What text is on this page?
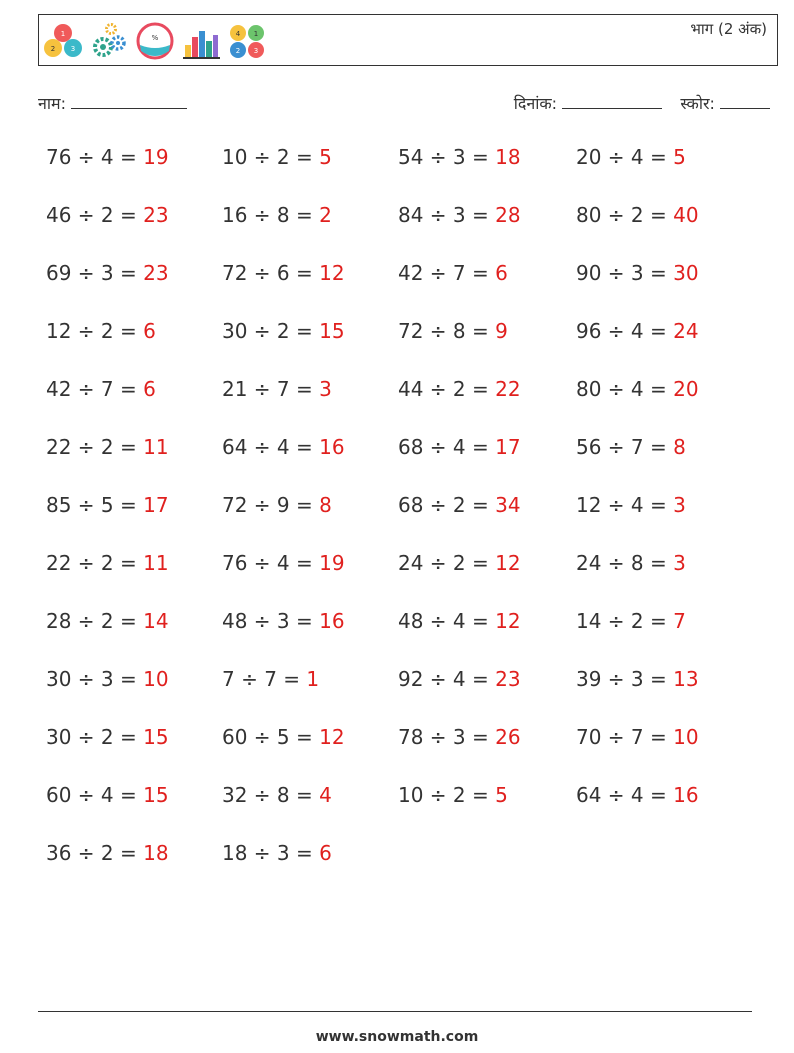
1
2 3
%	4 1
2 3
भाग (2 अंक)
नाम:	दिनांक:	स्कोर:
76 ÷ 4 = 19	10 ÷ 2 = 5	54 ÷ 3 = 18	20 ÷ 4 = 5
46 ÷ 2 = 23	16 ÷ 8 = 2	84 ÷ 3 = 28	80 ÷ 2 = 40
69 ÷ 3 = 23	72 ÷ 6 = 12	42 ÷ 7 = 6	90 ÷ 3 = 30
12 ÷ 2 = 6	30 ÷ 2 = 15	72 ÷ 8 = 9	96 ÷ 4 = 24
42 ÷ 7 = 6	21 ÷ 7 = 3	44 ÷ 2 = 22	80 ÷ 4 = 20
22 ÷ 2 = 11	64 ÷ 4 = 16	68 ÷ 4 = 17	56 ÷ 7 = 8
85 ÷ 5 = 17	72 ÷ 9 = 8	68 ÷ 2 = 34	12 ÷ 4 = 3
22 ÷ 2 = 11	76 ÷ 4 = 19	24 ÷ 2 = 12	24 ÷ 8 = 3
28 ÷ 2 = 14	48 ÷ 3 = 16	48 ÷ 4 = 12	14 ÷ 2 = 7
30 ÷ 3 = 10	7 ÷ 7 = 1	92 ÷ 4 = 23	39 ÷ 3 = 13
30 ÷ 2 = 15	60 ÷ 5 = 12	78 ÷ 3 = 26	70 ÷ 7 = 10
60 ÷ 4 = 15	32 ÷ 8 = 4	10 ÷ 2 = 5	64 ÷ 4 = 16
36 ÷ 2 = 18	18 ÷ 3 = 6
www.snowmath.com
